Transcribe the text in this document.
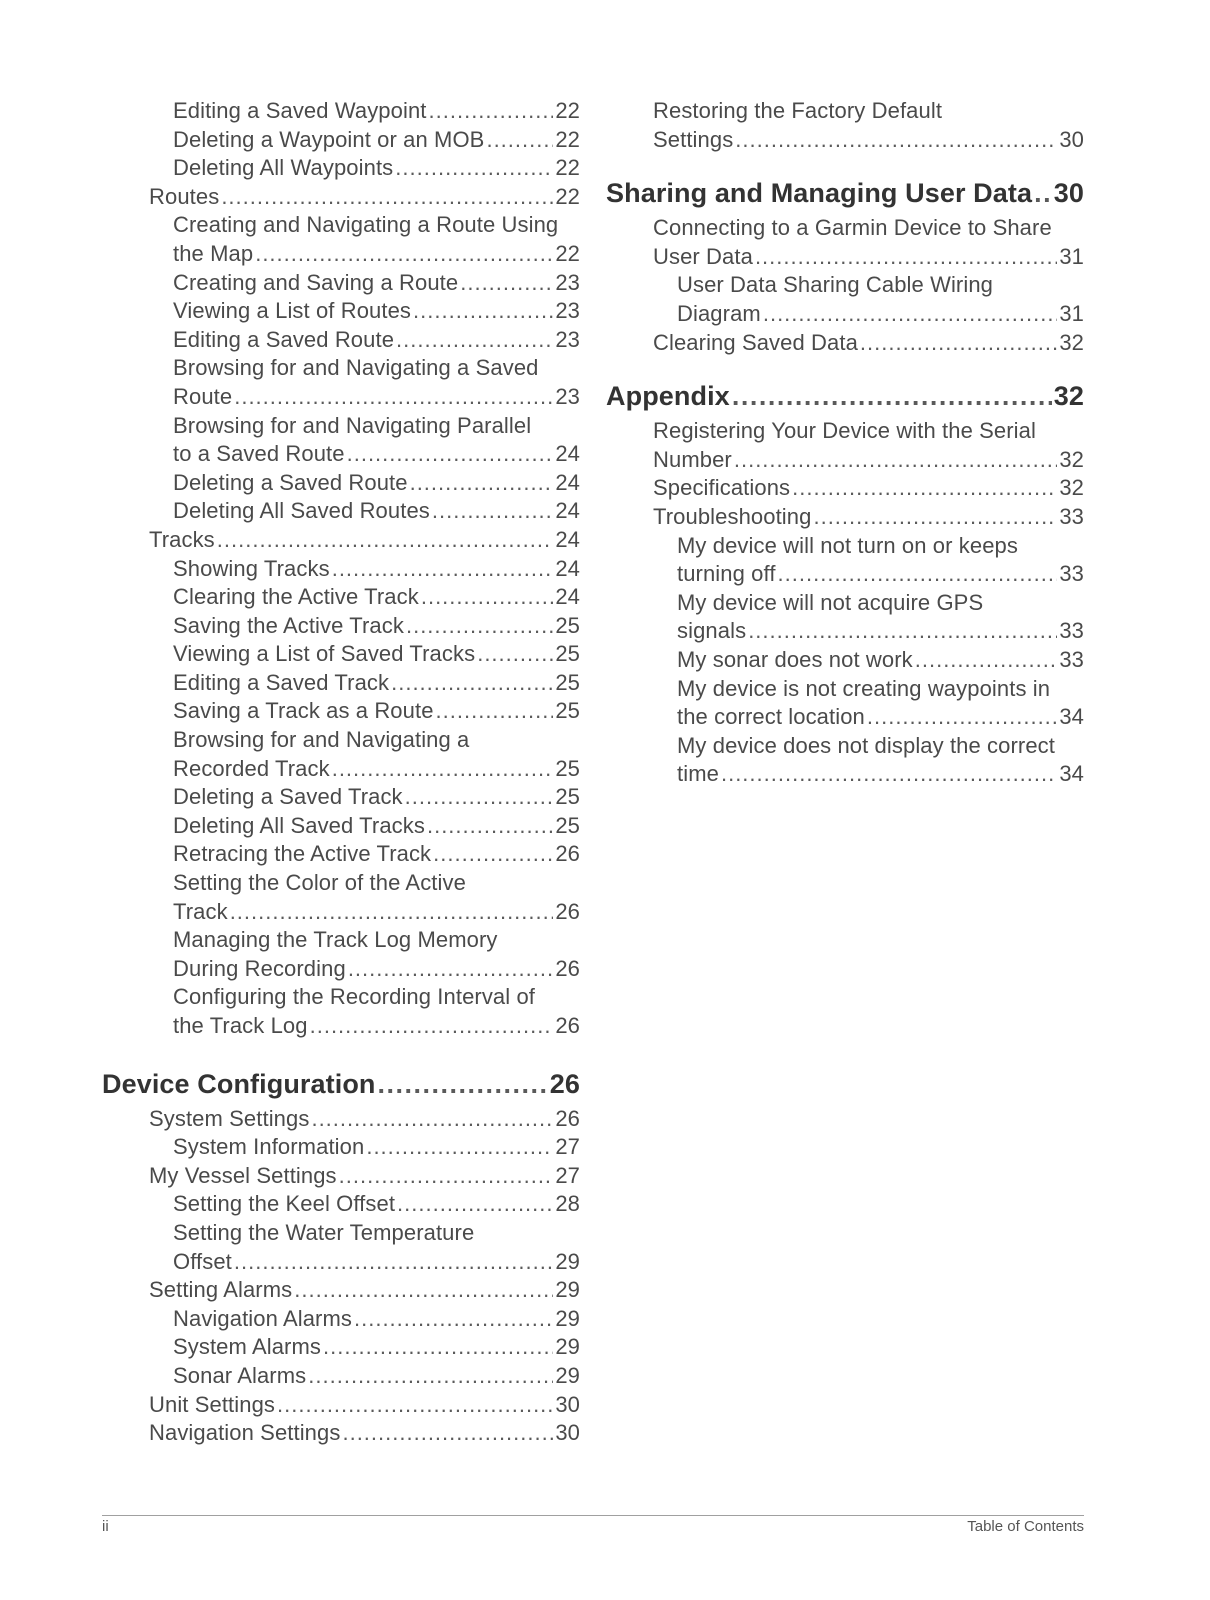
Editing a Saved Waypoint .....	22
Deleting a Waypoint or an MOB .....	22
Deleting All Waypoints .....	22
Routes .....	22
Creating and Navigating a Route Using
the Map .....	22
Creating and Saving a Route .....	23
Viewing a List of Routes .....	23
Editing a Saved Route .....	23
Browsing for and Navigating a Saved
Route .....	23
Browsing for and Navigating Parallel
to a Saved Route .....	24
Deleting a Saved Route .....	24
Deleting All Saved Routes .....	24
Tracks .....	24
Showing Tracks .....	24
Clearing the Active Track .....	24
Saving the Active Track .....	25
Viewing a List of Saved Tracks .....	25
Editing a Saved Track .....	25
Saving a Track as a Route .....	25
Browsing for and Navigating a
Recorded Track .....	25
Deleting a Saved Track .....	25
Deleting All Saved Tracks .....	25
Retracing the Active Track .....	26
Setting the Color of the Active
Track .....	26
Managing the Track Log Memory
During Recording .....	26
Configuring the Recording Interval of
the Track Log .....	26
Device Configuration .....	26
System Settings .....	26
System Information .....	27
My Vessel Settings .....	27
Setting the Keel Offset .....	28
Setting the Water Temperature
Offset .....	29
Setting Alarms .....	29
Navigation Alarms .....	29
System Alarms .....	29
Sonar Alarms .....	29
Unit Settings .....	30
Navigation Settings .....	30
Restoring the Factory Default
Settings .....	30
Sharing and Managing User Data ..... 30
Connecting to a Garmin Device to Share
User Data .....	31
User Data Sharing Cable Wiring
Diagram .....	31
Clearing Saved Data .....	32
Appendix .....	32
Registering Your Device with the Serial
Number .....	32
Specifications .....	32
Troubleshooting .....	33
My device will not turn on or keeps
turning off .....	33
My device will not acquire GPS
signals .....	33
My sonar does not work .....	33
My device is not creating waypoints in
the correct location .....	34
My device does not display the correct
time .....	34
ii	Table of Contents
